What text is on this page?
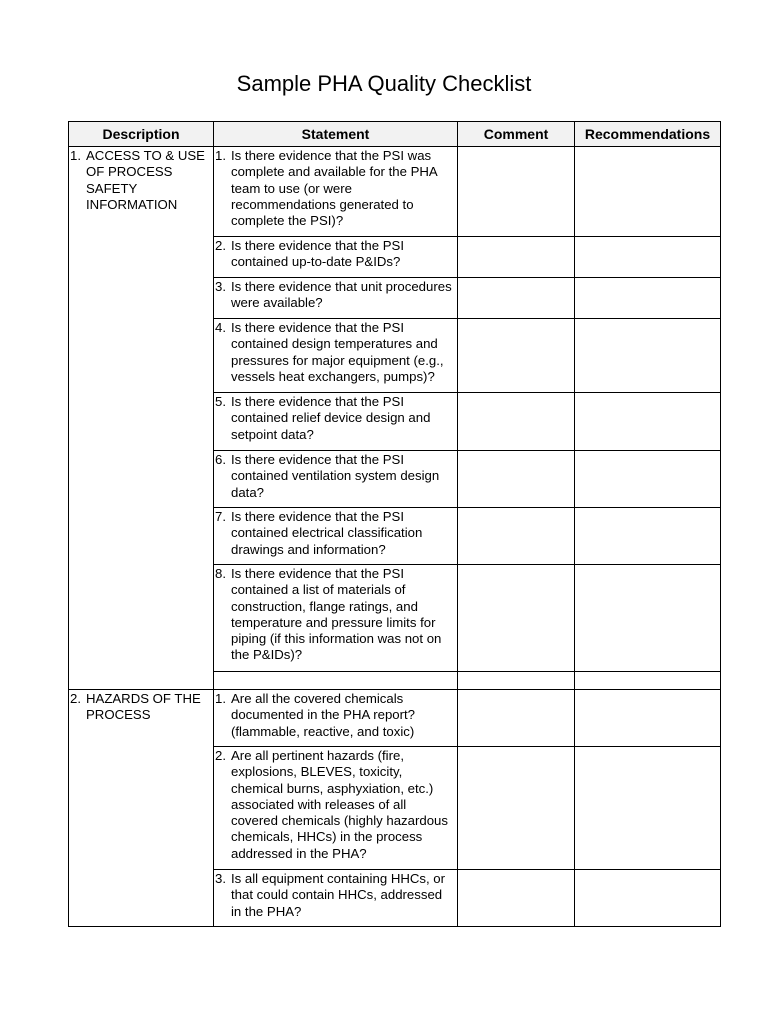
Sample PHA Quality Checklist
Description	Statement	Comment	Recommendations

1. ACCESS TO & USE OF PROCESS SAFETY INFORMATION	1. Is there evidence that the PSI was complete and available for the PHA team to use (or were recommendations generated to complete the PSI)?		

	2. Is there evidence that the PSI contained up-to-date P&IDs?		

	3. Is there evidence that unit procedures were available?		

	4. Is there evidence that the PSI contained design temperatures and pressures for major equipment (e.g., vessels heat exchangers, pumps)?		

	5. Is there evidence that the PSI contained relief device design and setpoint data?		

	6. Is there evidence that the PSI contained ventilation system design data?		

	7. Is there evidence that the PSI contained electrical classification drawings and information?		

	8. Is there evidence that the PSI contained a list of materials of construction, flange ratings, and temperature and pressure limits for piping (if this information was not on the P&IDs)?		

2. HAZARDS OF THE PROCESS	1. Are all the covered chemicals documented in the PHA report? (flammable, reactive, and toxic)		

	2. Are all pertinent hazards (fire, explosions, BLEVES, toxicity, chemical burns, asphyxiation, etc.) associated with releases of all covered chemicals (highly hazardous chemicals, HHCs) in the process addressed in the PHA?		

	3. Is all equipment containing HHCs, or that could contain HHCs, addressed in the PHA?		
